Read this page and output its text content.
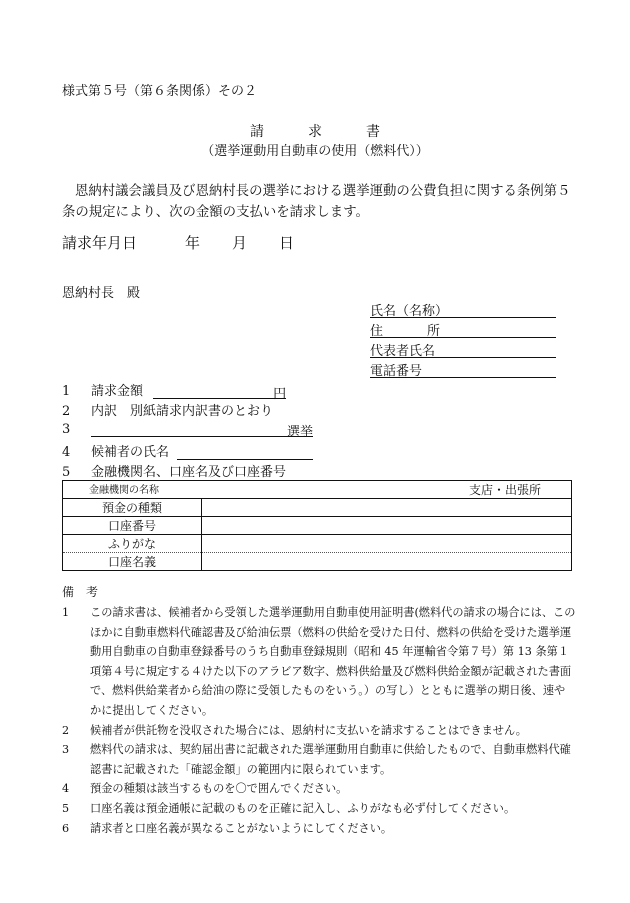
様式第５号（第６条関係）その２
請	求	書
（選挙運動用自動車の使用（燃料代））
恩納村議会議員及び恩納村長の選挙における選挙運動の公費負担に関する条例第５条の規定により、次の金額の支払いを請求します。
請求年月日	年 月 日
恩納村長　殿
氏名（名称）
住	所
代表者氏名
電話番号
1 請求金額	円
2 内訳　別紙請求内訳書のとおり
3	選挙
4 候補者の氏名
5 金融機関名、口座名及び口座番号
金融機関の名称 支店・出張所	

預金の種類	
口座番号	
ふりがな	
口座名義	
備 考
1	この請求書は、候補者から受領した選挙運動用自動車使用証明書(燃料代の請求の場合には、このほかに自動車燃料代確認書及び給油伝票（燃料の供給を受けた日付、燃料の供給を受けた選挙運動用自動車の自動車登録番号のうち自動車登録規則（昭和 45 年運輸省令第７号）第 13 条第１項第４号に規定する４けた以下のアラビア数字、燃料供給量及び燃料供給金額が記載された書面で、燃料供給業者から給油の際に受領したものをいう。）の写し）とともに選挙の期日後、速やかに提出してください。
2	候補者が供託物を没収された場合には、恩納村に支払いを請求することはできません。
3	燃料代の請求は、契約届出書に記載された選挙運動用自動車に供給したもので、自動車燃料代確認書に記載された「確認金額」の範囲内に限られています。
4	預金の種類は該当するものを〇で囲んでください。
5	口座名義は預金通帳に記載のものを正確に記入し、ふりがなも必ず付してください。
6	請求者と口座名義が異なることがないようにしてください。
